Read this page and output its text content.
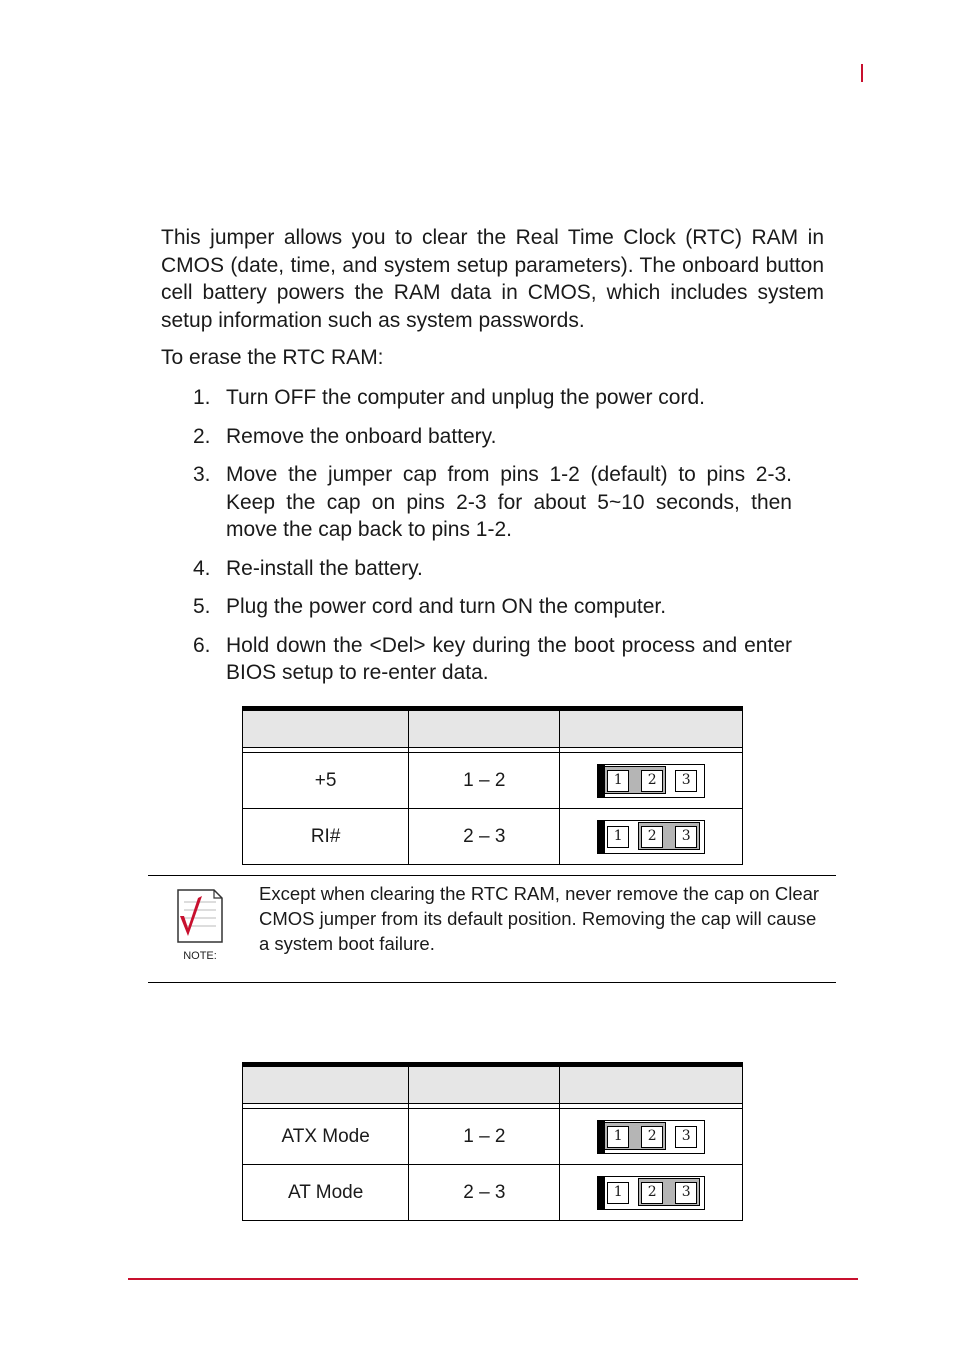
This jumper allows you to clear the Real Time Clock (RTC) RAM in CMOS (date, time, and system setup parameters). The onboard button cell battery powers the RAM data in CMOS, which includes system setup information such as system passwords.

To erase the RTC RAM:

1. Turn OFF the computer and unplug the power cord.
2. Remove the onboard battery.
3. Move the jumper cap from pins 1-2 (default) to pins 2-3. Keep the cap on pins 2-3 for about 5~10 seconds, then move the cap back to pins 1-2.
4. Re-install the battery.
5. Plug the power cord and turn ON the computer.
6. Hold down the <Del> key during the boot process and enter BIOS setup to re-enter data.

+5	1 – 2	1 2 3

RI#	2 – 3	1 2 3
NOTE:
Except when clearing the RTC RAM, never remove the cap on Clear CMOS jumper from its default position. Removing the cap will cause a system boot failure.

ATX Mode	1 – 2	1 2 3

AT Mode	2 – 3	1 2 3
